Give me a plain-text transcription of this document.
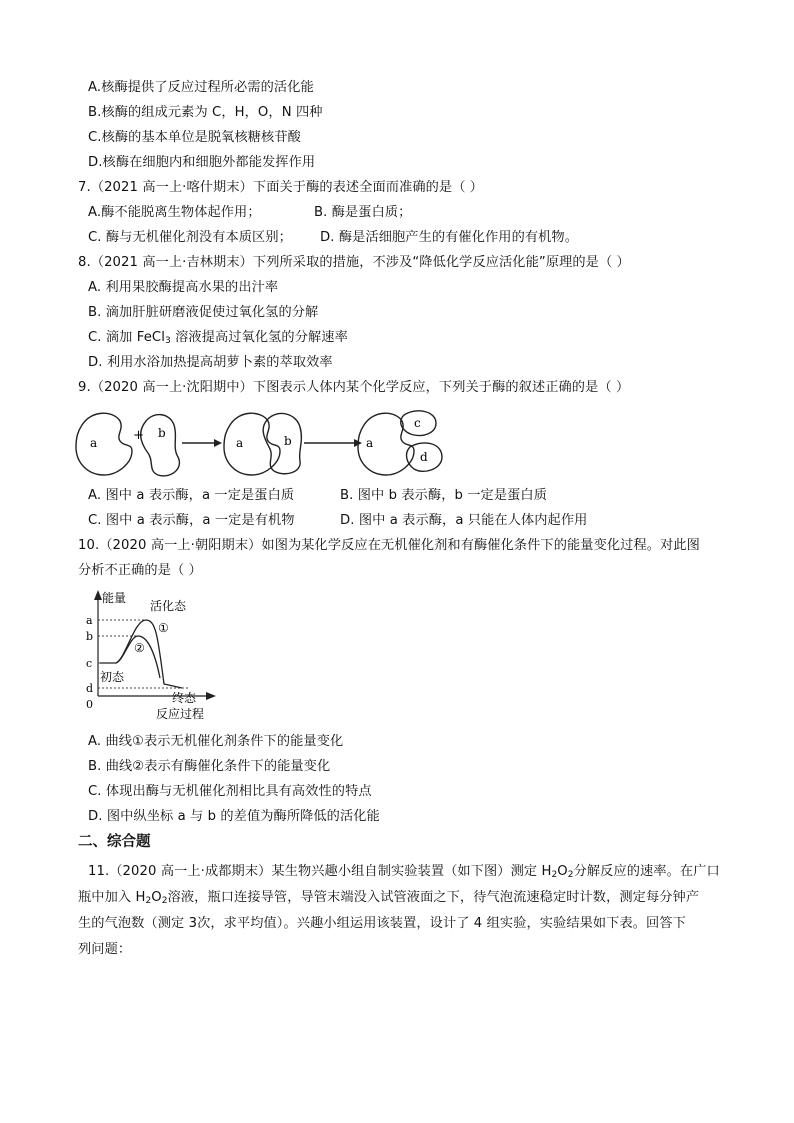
A.核酶提供了反应过程所必需的活化能
B.核酶的组成元素为 C，H，O，N 四种
C.核酶的基本单位是脱氧核糖核苷酸
D.核酶在细胞内和细胞外都能发挥作用
7.（2021 高一上·喀什期末）下面关于酶的表述全面而准确的是（ ）
A.酶不能脱离生物体起作用；	B. 酶是蛋白质；
C. 酶与无机催化剂没有本质区别； D. 酶是活细胞产生的有催化作用的有机物。
8.（2021 高一上·吉林期末）下列所采取的措施，不涉及“降低化学反应活化能”原理的是（ ）
A. 利用果胶酶提高水果的出汁率
B. 滴加肝脏研磨液促使过氧化氢的分解
C. 滴加 FeCl$_3$ 溶液提高过氧化氢的分解速率
D. 利用水浴加热提高胡萝卜素的萃取效率
9.（2020 高一上·沈阳期中）下图表示人体内某个化学反应，下列关于酶的叙述正确的是（ ）
a	+ b
a	b	a
c
d
A. 图中 a 表示酶，a 一定是蛋白质	B. 图中 b 表示酶，b 一定是蛋白质
C. 图中 a 表示酶，a 一定是有机物	D. 图中 a 表示酶，a 只能在人体内起作用
10.（2020 高一上·朝阳期末）如图为某化学反应在无机催化剂和有酶催化条件下的能量变化过程。对此图
分析不正确的是（ ）
能量
活化态
①
②
a
b
c
d
0
初态
终态
反应过程
A. 曲线①表示无机催化剂条件下的能量变化
B. 曲线②表示有酶催化条件下的能量变化
C. 体现出酶与无机催化剂相比具有高效性的特点
D. 图中纵坐标 a 与 b 的差值为酶所降低的活化能
二、综合题
11.（2020 高一上·成都期末）某生物兴趣小组自制实验装置（如下图）测定 $H_2O_2$分解反应的速率。在广口
瓶中加入 $H_2O_2$溶液，瓶口连接导管，导管末端没入试管液面之下，待气泡流速稳定时计数，测定每分钟产
生的气泡数（测定 3次，求平均值）。兴趣小组运用该装置，设计了 4 组实验，实验结果如下表。回答下
列问题：
